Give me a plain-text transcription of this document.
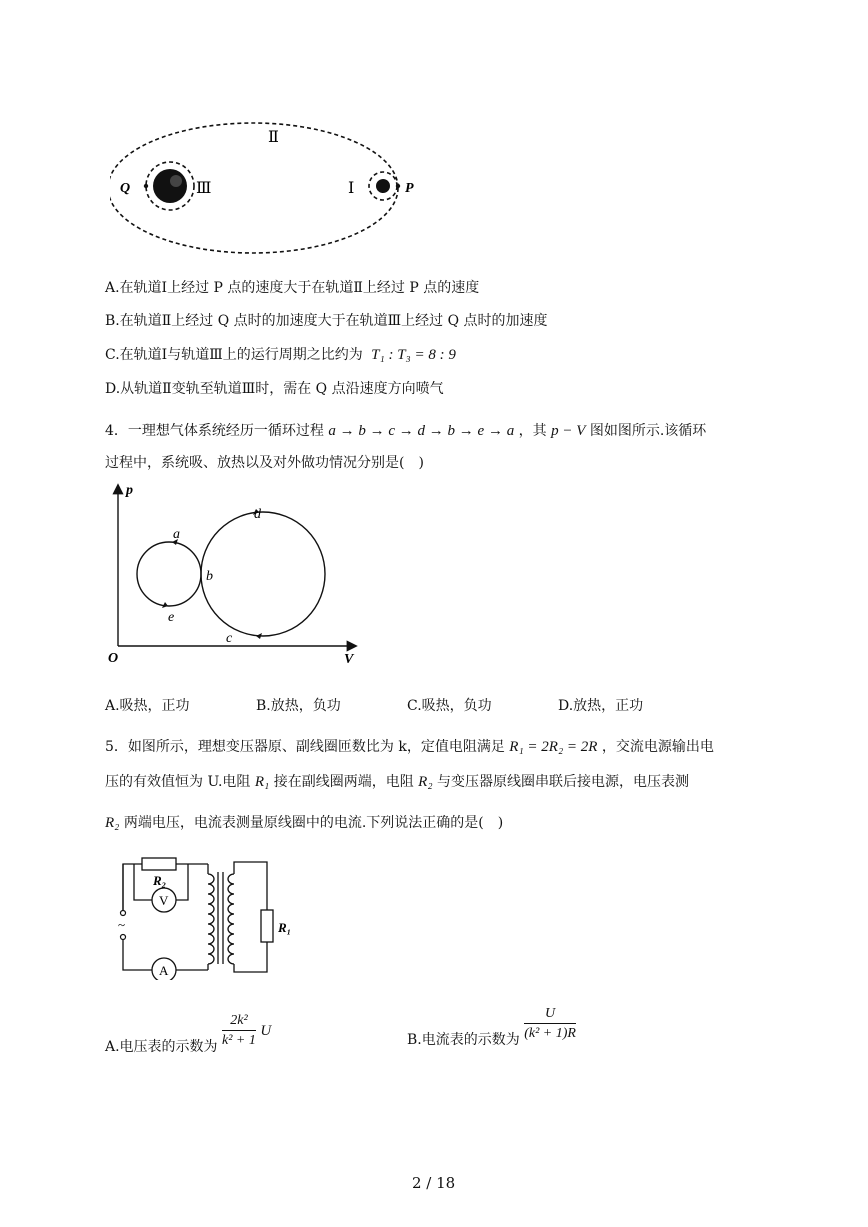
Ⅱ
Ⅰ
Ⅲ	P
Q
A.在轨道Ⅰ上经过 P 点的速度大于在轨道Ⅱ上经过 P 点的速度
B.在轨道Ⅱ上经过 Q 点时的加速度大于在轨道Ⅲ上经过 Q 点时的加速度
C.在轨道Ⅰ与轨道Ⅲ上的运行周期之比约为 T₁ : T₃ = 8 : 9
D.从轨道Ⅱ变轨至轨道Ⅲ时，需在 Q 点沿速度方向喷气
4．一理想气体系统经历一循环过程 a → b → c → d → b → e → a ，其 p − V 图如图所示.该循环
过程中，系统吸、放热以及对外做功情况分别是(　)
p
V
O
a
b
c
d
e
A.吸热，正功	B.放热，负功	C.吸热，负功	D.放热，正功
5．如图所示，理想变压器原、副线圈匝数比为 k，定值电阻满足 R₁ = 2R₂ = 2R ，交流电源输出电
压的有效值恒为 U.电阻 R₁ 接在副线圈两端，电阻 R₂ 与变压器原线圈串联后接电源，电压表测
R₂ 两端电压，电流表测量原线圈中的电流.下列说法正确的是(　)
R₂
V
~
A
R₁
A.电压表的示数为 $\frac{\text{2k²}}{\text{k² + 1}}$ U
B.电流表的示数为 $\frac{U}{\text{(k² + 1)R}}$
2 / 18
